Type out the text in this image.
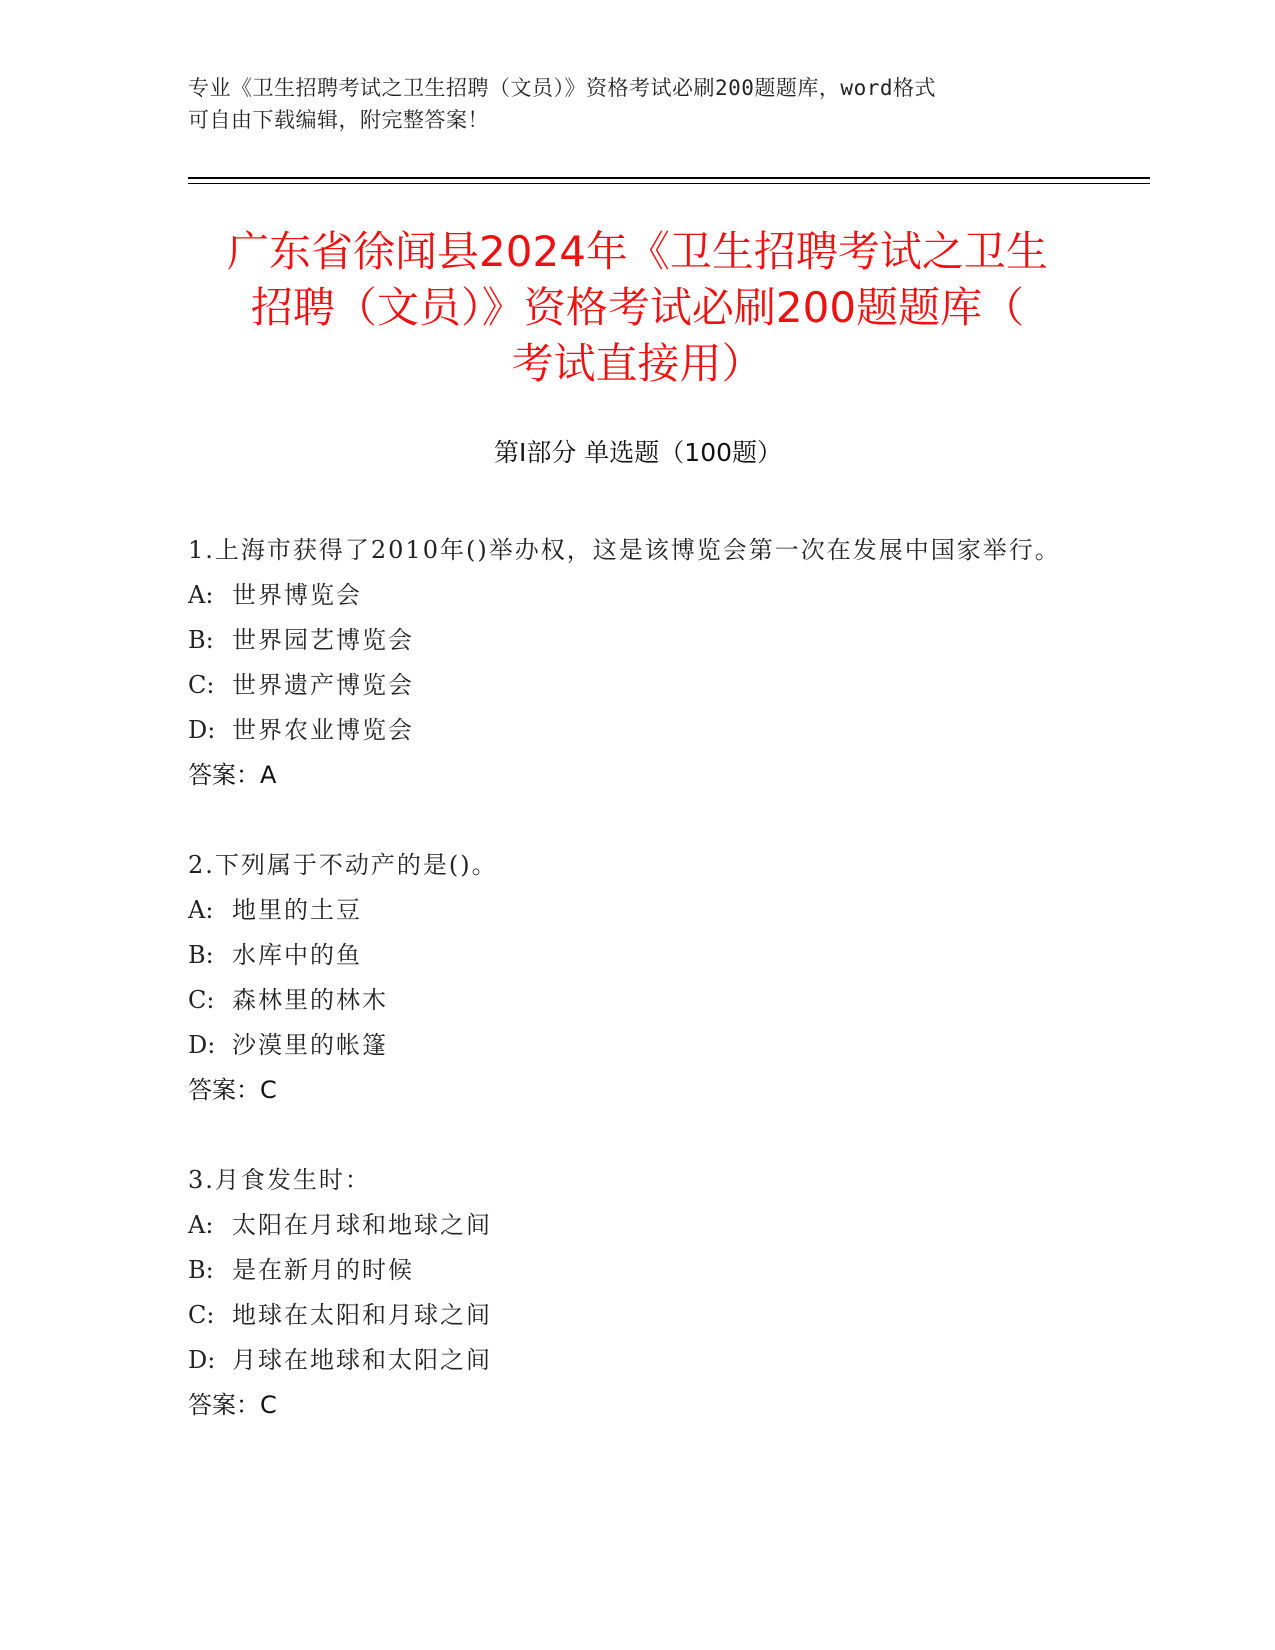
专业《卫生招聘考试之卫生招聘（文员）》资格考试必刷200题题库，word格式
可自由下载编辑，附完整答案！
广东省徐闻县2024年《卫生招聘考试之卫生
招聘（文员）》资格考试必刷200题题库（
考试直接用）
第Ⅰ部分 单选题（100题）
1.上海市获得了2010年()举办权，这是该博览会第一次在发展中国家举行。
A: 世界博览会
B: 世界园艺博览会
C: 世界遗产博览会
D: 世界农业博览会
答案：A
2.下列属于不动产的是()。
A: 地里的土豆
B: 水库中的鱼
C: 森林里的林木
D: 沙漠里的帐篷
答案：C
3.月食发生时：
A: 太阳在月球和地球之间
B: 是在新月的时候
C: 地球在太阳和月球之间
D: 月球在地球和太阳之间
答案：C
